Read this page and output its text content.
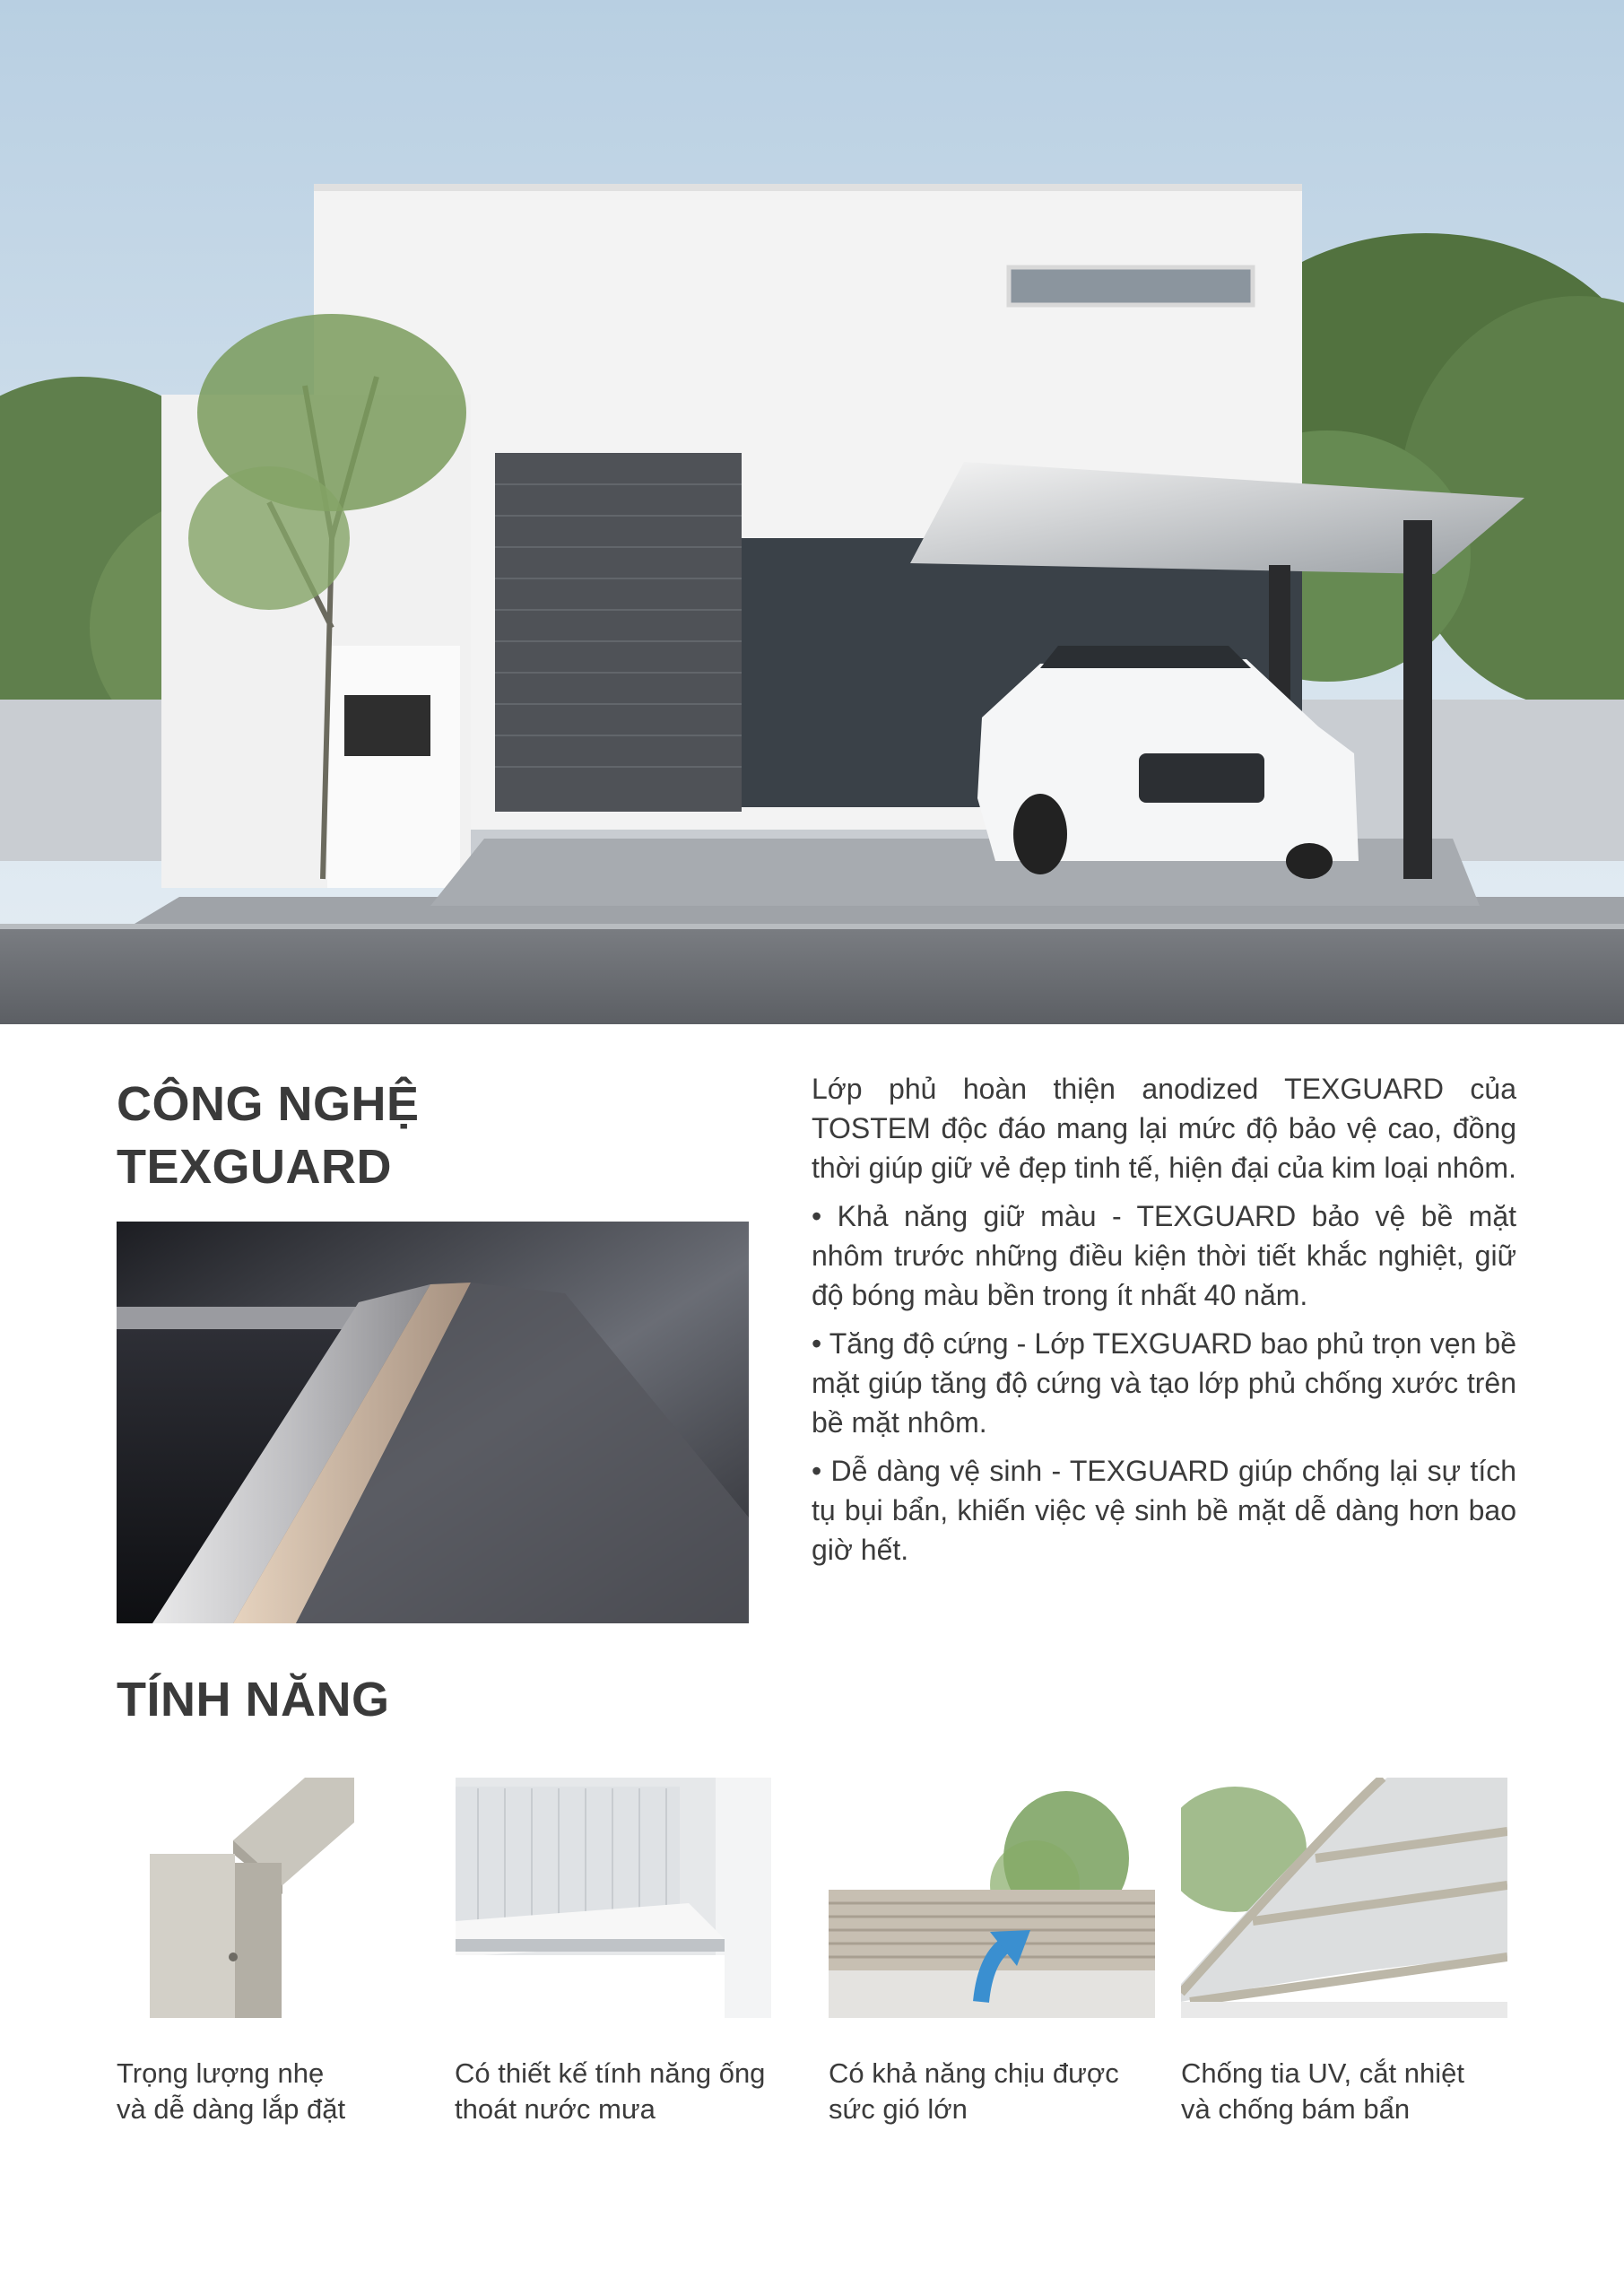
CÔNG NGHỆ
TEXGUARD

Lớp phủ hoàn thiện anodized TEXGUARD của TOSTEM độc đáo mang lại mức độ bảo vệ cao, đồng thời giúp giữ vẻ đẹp tinh tế, hiện đại của kim loại nhôm.

• Khả năng giữ màu - TEXGUARD bảo vệ bề mặt nhôm trước những điều kiện thời tiết khắc nghiệt, giữ độ bóng màu bền trong ít nhất 40 năm.

• Tăng độ cứng - Lớp TEXGUARD bao phủ trọn vẹn bề mặt giúp tăng độ cứng và tạo lớp phủ chống xước trên bề mặt nhôm.

• Dễ dàng vệ sinh - TEXGUARD giúp chống lại sự tích tụ bụi bẩn, khiến việc vệ sinh bề mặt dễ dàng hơn bao giờ hết.

TÍNH NĂNG
Trọng lượng nhẹ
và dễ dàng lắp đặt
Có thiết kế tính năng ống
thoát nước mưa
Có khả năng chịu được
sức gió lớn
Chống tia UV, cắt nhiệt
và chống bám bẩn
